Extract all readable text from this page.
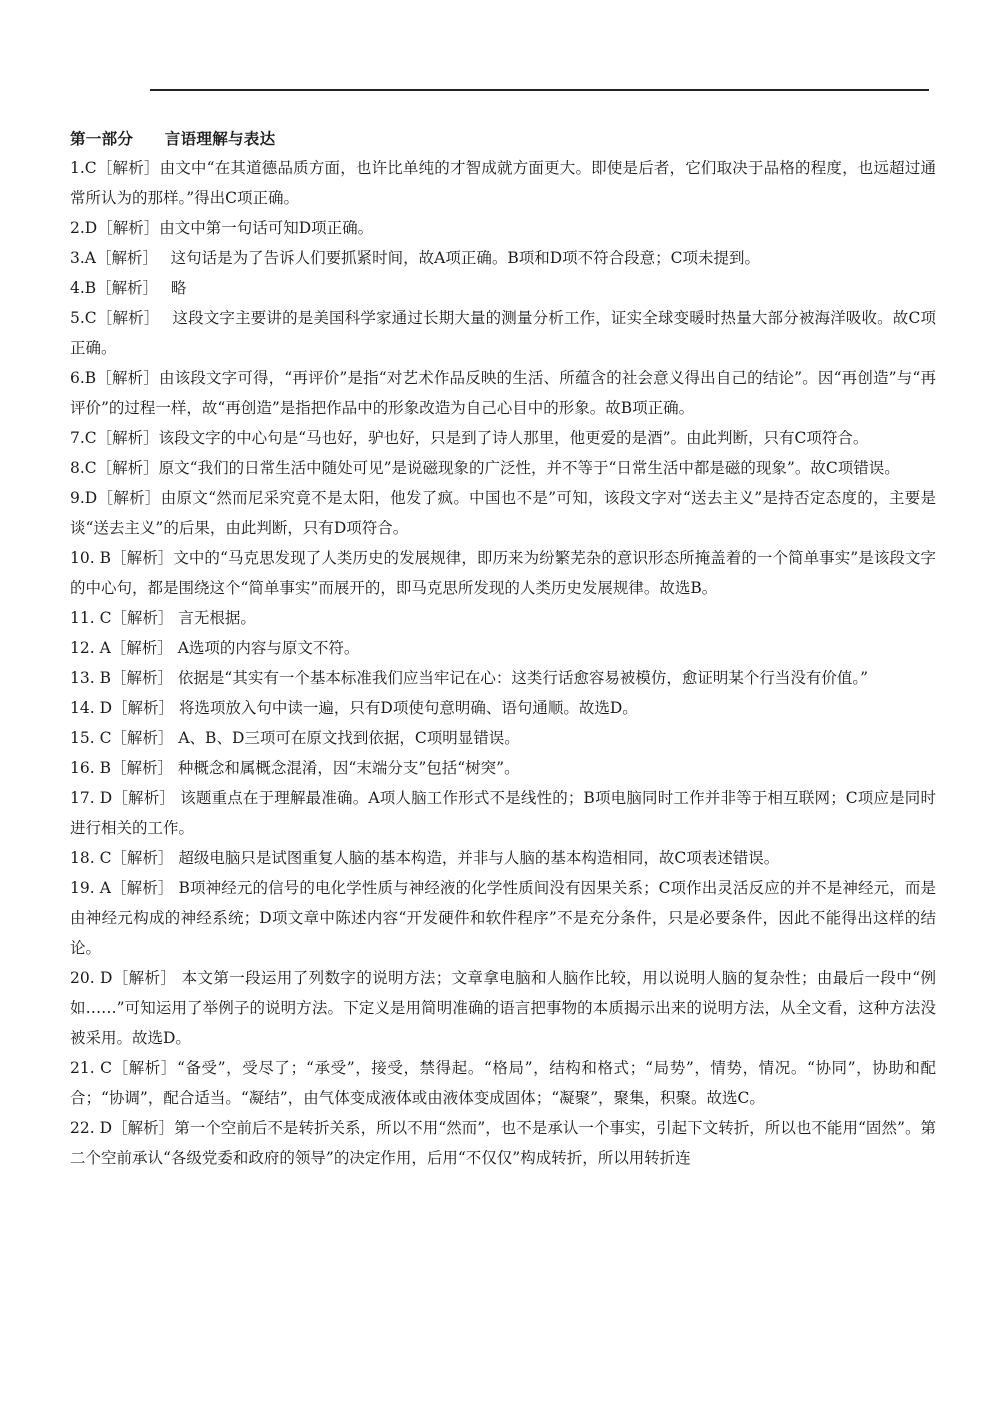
第一部分　　言语理解与表达

1.C［解析］由文中“在其道德品质方面，也许比单纯的才智成就方面更大。即使是后者，它们取决于品格的程度，也远超过通常所认为的那样。”得出C项正确。

2.D［解析］由文中第一句话可知D项正确。

3.A［解析］　 这句话是为了告诉人们要抓紧时间，故A项正确。B项和D项不符合段意；C项未提到。

4.B［解析］　 略

5.C［解析］　 这段文字主要讲的是美国科学家通过长期大量的测量分析工作，证实全球变暖时热量大部分被海洋吸收。故C项正确。

6.B［解析］由该段文字可得，“再评价”是指“对艺术作品反映的生活、所蕴含的社会意义得出自己的结论”。因“再创造”与“再评价”的过程一样，故“再创造”是指把作品中的形象改造为自己心目中的形象。故B项正确。

7.C［解析］该段文字的中心句是“马也好，驴也好，只是到了诗人那里，他更爱的是酒”。由此判断，只有C项符合。

8.C［解析］原文“我们的日常生活中随处可见”是说磁现象的广泛性，并不等于“日常生活中都是磁的现象”。故C项错误。

9.D［解析］由原文“然而尼采究竟不是太阳，他发了疯。中国也不是”可知，该段文字对“送去主义”是持否定态度的，主要是谈“送去主义”的后果，由此判断，只有D项符合。

10. B［解析］文中的“马克思发现了人类历史的发展规律，即历来为纷繁芜杂的意识形态所掩盖着的一个简单事实”是该段文字的中心句，都是围绕这个“简单事实”而展开的，即马克思所发现的人类历史发展规律。故选B。

11. C［解析］ 言无根据。

12. A［解析］ A选项的内容与原文不符。

13. B［解析］ 依据是“其实有一个基本标准我们应当牢记在心：这类行话愈容易被模仿，愈证明某个行当没有价值。”

14. D［解析］ 将选项放入句中读一遍，只有D项使句意明确、语句通顺。故选D。

15. C［解析］ A、B、D三项可在原文找到依据，C项明显错误。

16. B［解析］ 种概念和属概念混淆，因“末端分支”包括“树突”。

17. D［解析］ 该题重点在于理解最准确。A项人脑工作形式不是线性的；B项电脑同时工作并非等于相互联网；C项应是同时进行相关的工作。

18. C［解析］ 超级电脑只是试图重复人脑的基本构造，并非与人脑的基本构造相同，故C项表述错误。

19. A［解析］ B项神经元的信号的电化学性质与神经液的化学性质间没有因果关系；C项作出灵活反应的并不是神经元，而是由神经元构成的神经系统；D项文章中陈述内容“开发硬件和软件程序”不是充分条件，只是必要条件，因此不能得出这样的结论。

20. D［解析］ 本文第一段运用了列数字的说明方法；文章拿电脑和人脑作比较，用以说明人脑的复杂性；由最后一段中“例如……”可知运用了举例子的说明方法。下定义是用简明准确的语言把事物的本质揭示出来的说明方法，从全文看，这种方法没被采用。故选D。

21. C［解析］“备受”，受尽了；“承受”，接受，禁得起。“格局”，结构和格式；“局势”，情势，情况。“协同”，协助和配合；“协调”，配合适当。“凝结”，由气体变成液体或由液体变成固体；“凝聚”，聚集，积聚。故选C。

22. D［解析］第一个空前后不是转折关系，所以不用“然而”，也不是承认一个事实，引起下文转折，所以也不能用“固然”。第二个空前承认“各级党委和政府的领导”的决定作用，后用“不仅仅”构成转折，所以用转折连
